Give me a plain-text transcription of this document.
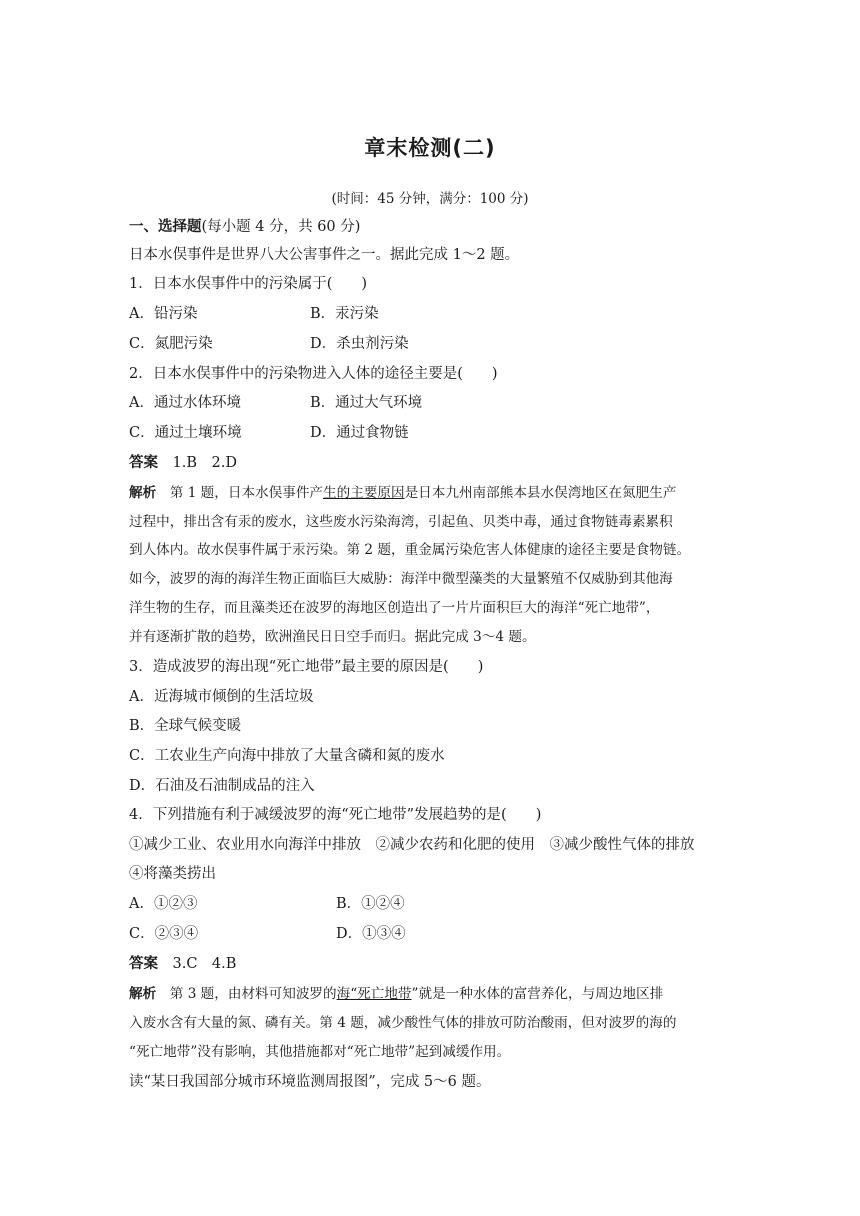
章末检测(二)
(时间：45 分钟，满分：100 分)
一、选择题(每小题 4 分，共 60 分)
日本水俣事件是世界八大公害事件之一。据此完成 1～2 题。
1．日本水俣事件中的污染属于(　　)
A．铅污染	B．汞污染
C．氮肥污染	D．杀虫剂污染
2．日本水俣事件中的污染物进入人体的途径主要是(　　)
A．通过水体环境	B．通过大气环境
C．通过土壤环境	D．通过食物链
答案　 1.B　2.D
解析　第 1 题，日本水俣事件产生的主要原因是日本九州南部熊本县水俣湾地区在氮肥生产
过程中，排出含有汞的废水，这些废水污染海湾，引起鱼、贝类中毒，通过食物链毒素累积
到人体内。故水俣事件属于汞污染。第 2 题，重金属污染危害人体健康的途径主要是食物链。
如今，波罗的海的海洋生物正面临巨大威胁：海洋中微型藻类的大量繁殖不仅威胁到其他海
洋生物的生存，而且藻类还在波罗的海地区创造出了一片片面积巨大的海洋“死亡地带”，
并有逐渐扩散的趋势，欧洲渔民日日空手而归。据此完成 3～4 题。
3．造成波罗的海出现“死亡地带”最主要的原因是(　　)
A．近海城市倾倒的生活垃圾
B．全球气候变暖
C．工农业生产向海中排放了大量含磷和氮的废水
D．石油及石油制成品的注入
4．下列措施有利于减缓波罗的海“死亡地带”发展趋势的是(　　)
①减少工业、农业用水向海洋中排放　②减少农药和化肥的使用　③减少酸性气体的排放
④将藻类捞出
A．①②③	B．①②④
C．②③④	D．①③④
答案　 3.C　4.B
解析　第 3 题，由材料可知波罗的海“死亡地带”就是一种水体的富营养化，与周边地区排
入废水含有大量的氮、磷有关。第 4 题，减少酸性气体的排放可防治酸雨，但对波罗的海的
“死亡地带”没有影响，其他措施都对“死亡地带”起到减缓作用。
读“某日我国部分城市环境监测周报图”，完成 5～6 题。
